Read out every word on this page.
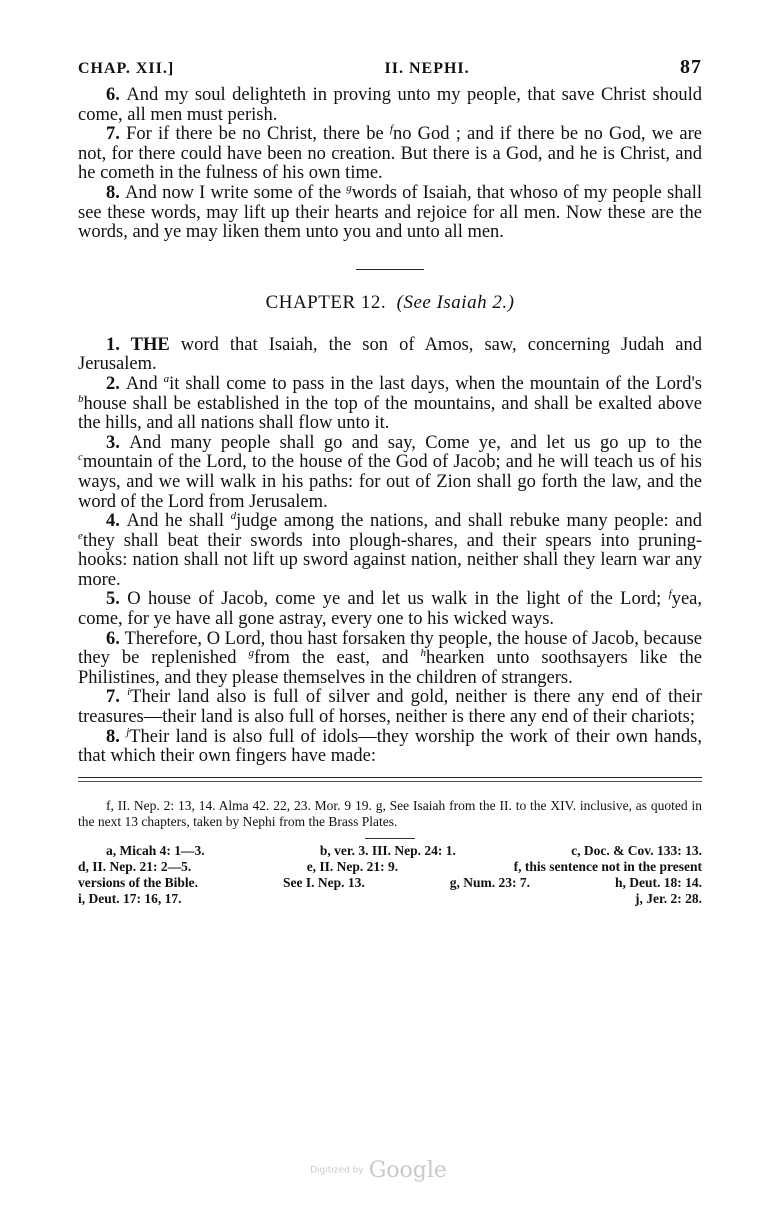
CHAP. XII.]	II. NEPHI.	87

6. And my soul delighteth in proving unto my people, that save Christ should come, all men must perish.

7. For if there be no Christ, there be $^f$no God ; and if there be no God, we are not, for there could have been no creation. But there is a God, and he is Christ, and he cometh in the fulness of his own time.

8. And now I write some of the $^g$words of Isaiah, that whoso of my people shall see these words, may lift up their hearts and rejoice for all men. Now these are the words, and ye may liken them unto you and unto all men.

CHAPTER 12. (See Isaiah 2.)

1. THE word that Isaiah, the son of Amos, saw, concerning Judah and Jerusalem.

2. And $^a$it shall come to pass in the last days, when the mountain of the Lord's $^b$house shall be established in the top of the mountains, and shall be exalted above the hills, and all nations shall flow unto it.

3. And many people shall go and say, Come ye, and let us go up to the $^c$mountain of the Lord, to the house of the God of Jacob; and he will teach us of his ways, and we will walk in his paths: for out of Zion shall go forth the law, and the word of the Lord from Jerusalem.

4. And he shall $^d$judge among the nations, and shall rebuke many people: and $^e$they shall beat their swords into plough-shares, and their spears into pruning-hooks: nation shall not lift up sword against nation, neither shall they learn war any more.

5. O house of Jacob, come ye and let us walk in the light of the Lord; $^f$yea, come, for ye have all gone astray, every one to his wicked ways.

6. Therefore, O Lord, thou hast forsaken thy people, the house of Jacob, because they be replenished $^g$from the east, and $^h$hearken unto soothsayers like the Philistines, and they please themselves in the children of strangers.

7. $^i$Their land also is full of silver and gold, neither is there any end of their treasures—their land is also full of horses, neither is there any end of their chariots;

8. $^j$Their land is also full of idols—they worship the work of their own hands, that which their own fingers have made:

f, II. Nep. 2: 13, 14. Alma 42. 22, 23. Mor. 9 19. g, See Isaiah from the II. to the XIV. inclusive, as quoted in the next 13 chapters, taken by Nephi from the Brass Plates.

a, Micah 4: 1—3.	b, ver. 3. III. Nep. 24: 1.	c, Doc. & Cov. 133: 13.
d, II. Nep. 21: 2—5.	e, II. Nep. 21: 9.	f, this sentence not in the present
versions of the Bible.	See I. Nep. 13.	g, Num. 23: 7.	h, Deut. 18: 14.
i, Deut. 17: 16, 17.	j, Jer. 2: 28.
Digitized by Google
